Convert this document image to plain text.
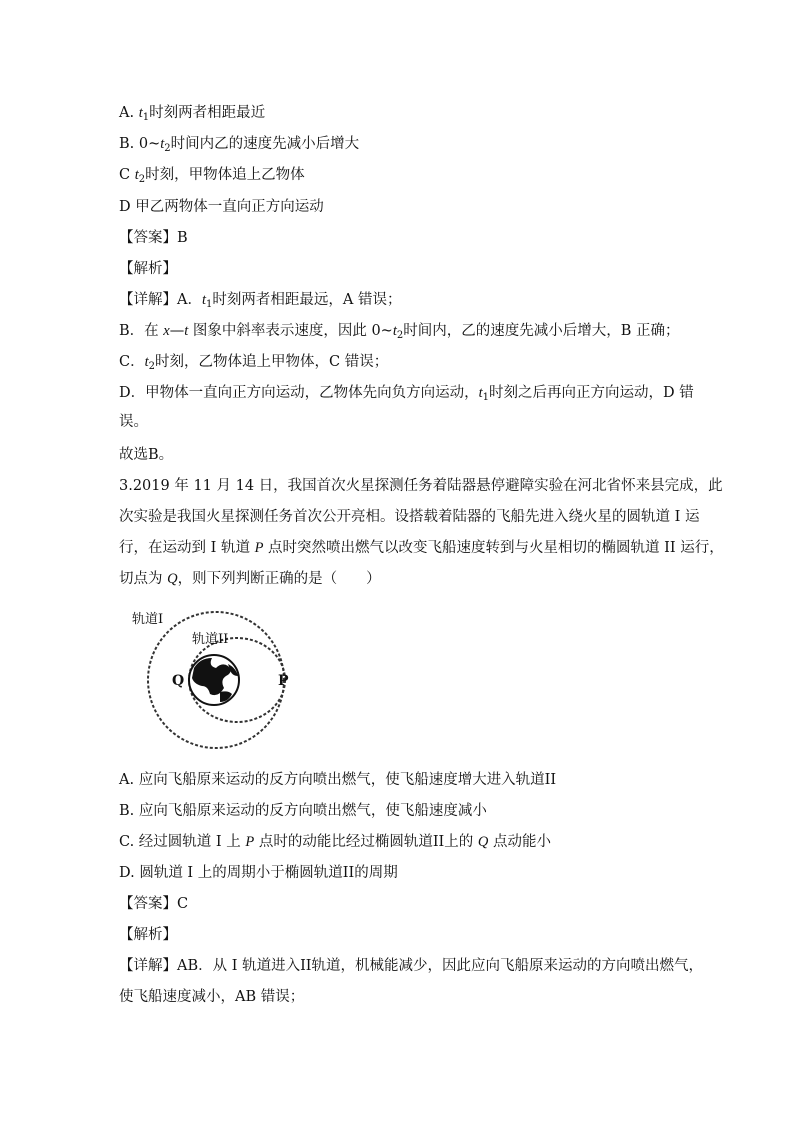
A. $t_1$时刻两者相距最近
B. $0\sim t_2$时间内乙的速度先减小后增大
C $t_2$时刻，甲物体追上乙物体
D 甲乙两物体一直向正方向运动
【答案】B
【解析】
【详解】A．$t_1$时刻两者相距最远，A 错误；
B．在 x—t 图象中斜率表示速度，因此 $0\sim t_2$时间内，乙的速度先减小后增大，B 正确；
C．$t_2$时刻，乙物体追上甲物体，C 错误；
D．甲物体一直向正方向运动，乙物体先向负方向运动，$t_1$时刻之后再向正方向运动，D 错
误。
故选B。
3.2019 年 11 月 14 日，我国首次火星探测任务着陆器悬停避障实验在河北省怀来县完成，此
次实验是我国火星探测任务首次公开亮相。设搭载着陆器的飞船先进入绕火星的圆轨道 I 运
行，在运动到 I 轨道 P 点时突然喷出燃气以改变飞船速度转到与火星相切的椭圆轨道 II 运行，
切点为 Q，则下列判断正确的是（　　）
Q	P
轨道I
轨道II
A. 应向飞船原来运动的反方向喷出燃气，使飞船速度增大进入轨道II
B. 应向飞船原来运动的反方向喷出燃气，使飞船速度减小
C. 经过圆轨道 I 上 P 点时的动能比经过椭圆轨道II上的 Q 点动能小
D. 圆轨道 I 上的周期小于椭圆轨道II的周期
【答案】C
【解析】
【详解】AB．从 I 轨道进入II轨道，机械能减少，因此应向飞船原来运动的方向喷出燃气，
使飞船速度减小，AB 错误；
